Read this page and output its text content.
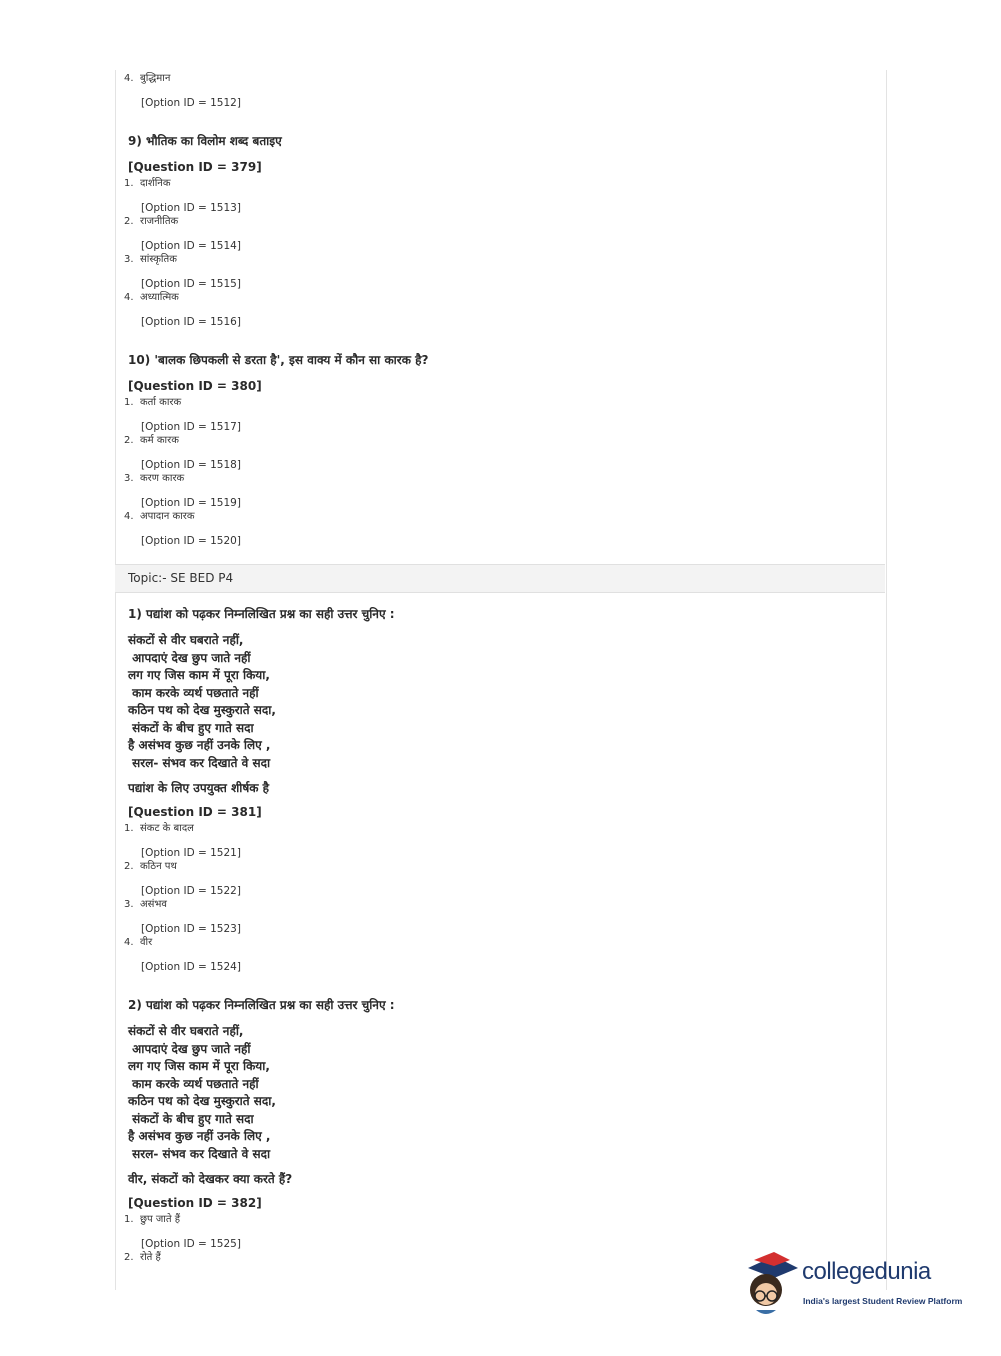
4. बुद्धिमान

[Option ID = 1512]

9) भौतिक का विलोम शब्द बताइए

[Question ID = 379]

1. दार्शनिक

[Option ID = 1513]

2. राजनीतिक

[Option ID = 1514]

3. सांस्कृतिक

[Option ID = 1515]

4. अध्यात्मिक

[Option ID = 1516]

10) 'बालक छिपकली से डरता है', इस वाक्य में कौन सा कारक है?

[Question ID = 380]

1. कर्ता कारक

[Option ID = 1517]

2. कर्म कारक

[Option ID = 1518]

3. करण कारक

[Option ID = 1519]

4. अपादान कारक

[Option ID = 1520]

Topic:- SE BED P4

1) पद्यांश को पढ़कर निम्नलिखित प्रश्न का सही उत्तर चुनिए :

संकटों से वीर घबराते नहीं,
आपदाएं देख छुप जाते नहीं
लग गए जिस काम में पूरा किया,
काम करके व्यर्थ पछताते नहीं
कठिन पथ को देख मुस्कुराते सदा,
संकटों के बीच हुए गाते सदा
है असंभव कुछ नहीं उनके लिए ,
सरल- संभव कर दिखाते वे सदा

पद्यांश के लिए उपयुक्त शीर्षक है

[Question ID = 381]

1. संकट के बादल

[Option ID = 1521]

2. कठिन पथ

[Option ID = 1522]

3. असंभव

[Option ID = 1523]

4. वीर

[Option ID = 1524]

2) पद्यांश को पढ़कर निम्नलिखित प्रश्न का सही उत्तर चुनिए :

संकटों से वीर घबराते नहीं,
आपदाएं देख छुप जाते नहीं
लग गए जिस काम में पूरा किया,
काम करके व्यर्थ पछताते नहीं
कठिन पथ को देख मुस्कुराते सदा,
संकटों के बीच हुए गाते सदा
है असंभव कुछ नहीं उनके लिए ,
सरल- संभव कर दिखाते वे सदा

वीर, संकटों को देखकर क्या करते हैं?

[Question ID = 382]

1. छुप जाते हैं

[Option ID = 1525]

2. रोते हैं

collegedunia
India's largest Student Review Platform
